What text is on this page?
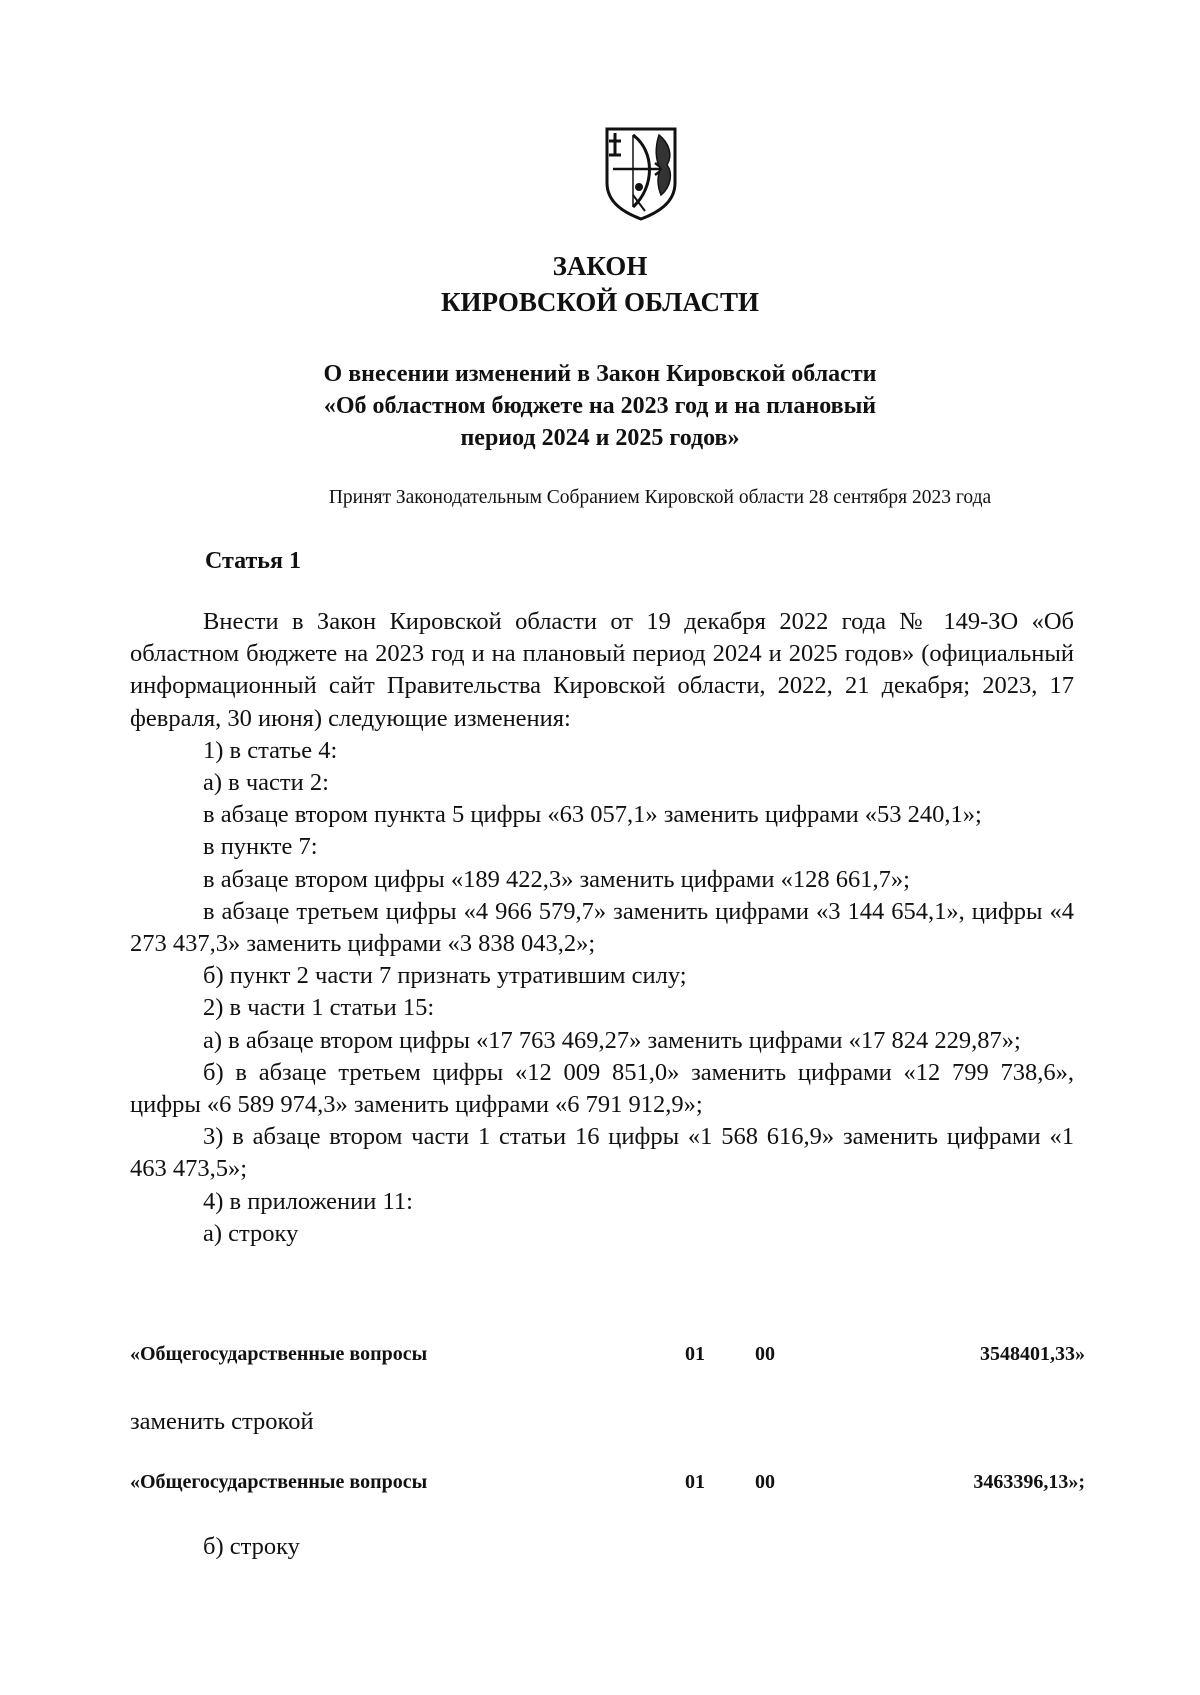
ЗАКОН
КИРОВСКОЙ ОБЛАСТИ
О внесении изменений в Закон Кировской области
«Об областном бюджете на 2023 год и на плановый
период 2024 и 2025 годов»
Принят Законодательным Собранием Кировской области 28 сентября 2023 года
Статья 1

Внести в Закон Кировской области от 19 декабря 2022 года № 149-ЗО «Об областном бюджете на 2023 год и на плановый период 2024 и 2025 годов» (официальный информационный сайт Правительства Кировской области, 2022, 21 декабря; 2023, 17 февраля, 30 июня) следующие изменения:

1) в статье 4:

а) в части 2:

в абзаце втором пункта 5 цифры «63 057,1» заменить цифрами «53 240,1»;

в пункте 7:

в абзаце втором цифры «189 422,3» заменить цифрами «128 661,7»;

в абзаце третьем цифры «4 966 579,7» заменить цифрами «3 144 654,1», цифры «4 273 437,3» заменить цифрами «3 838 043,2»;

б) пункт 2 части 7 признать утратившим силу;

2) в части 1 статьи 15:

а) в абзаце втором цифры «17 763 469,27» заменить цифрами «17 824 229,87»;

б) в абзаце третьем цифры «12 009 851,0» заменить цифрами «12 799 738,6», цифры «6 589 974,3» заменить цифрами «6 791 912,9»;

3) в абзаце втором части 1 статьи 16 цифры «1 568 616,9» заменить цифрами «1 463 473,5»;

4) в приложении 11:

а) строку

«Общегосударственные вопросы	01	00	3548401,33»
заменить строкой
«Общегосударственные вопросы	01	00	3463396,13»;
б) строку
